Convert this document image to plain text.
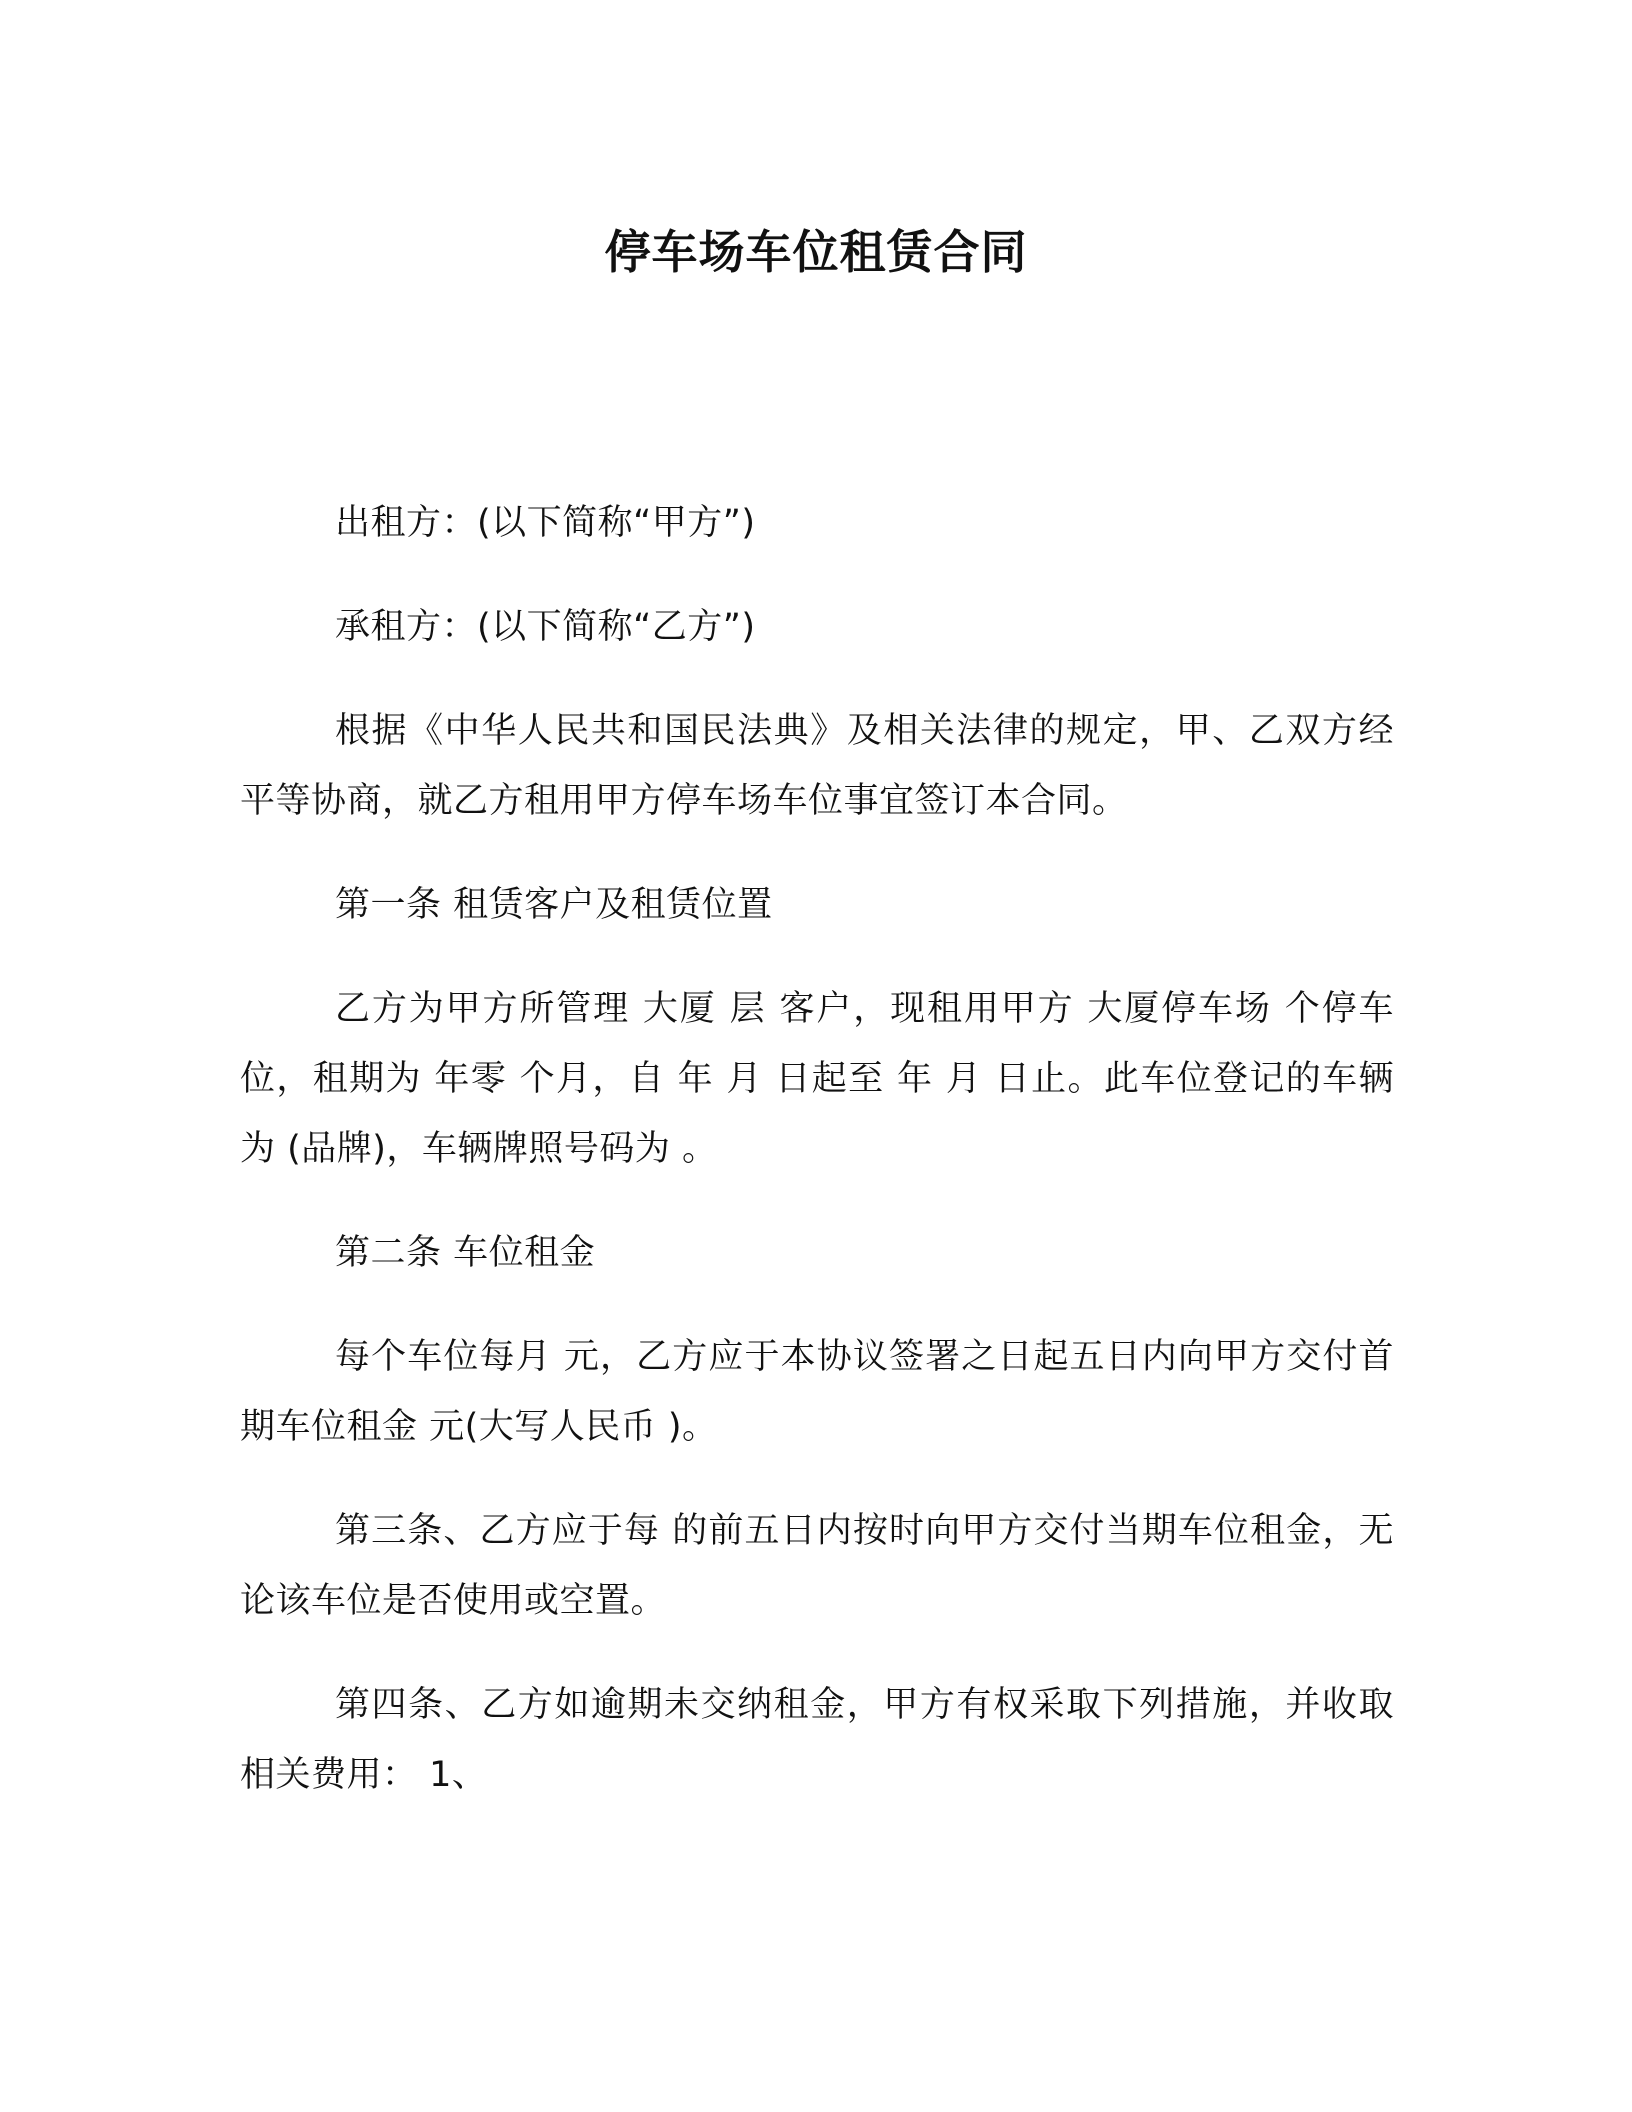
停车场车位租赁合同

出租方：(以下简称“甲方”)

承租方：(以下简称“乙方”)

根据《中华人民共和国民法典》及相关法律的规定，甲、乙双方经平等协商，就乙方租用甲方停车场车位事宜签订本合同。

第一条 租赁客户及租赁位置

乙方为甲方所管理 大厦 层 客户，现租用甲方 大厦停车场 个停车位，租期为 年零 个月，自 年 月 日起至 年 月 日止。此车位登记的车辆为 (品牌)，车辆牌照号码为 。

第二条 车位租金

每个车位每月 元，乙方应于本协议签署之日起五日内向甲方交付首期车位租金 元(大写人民币 )。

第三条、乙方应于每 的前五日内按时向甲方交付当期车位租金，无论该车位是否使用或空置。

第四条、乙方如逾期未交纳租金，甲方有权采取下列措施，并收取相关费用： 1、
